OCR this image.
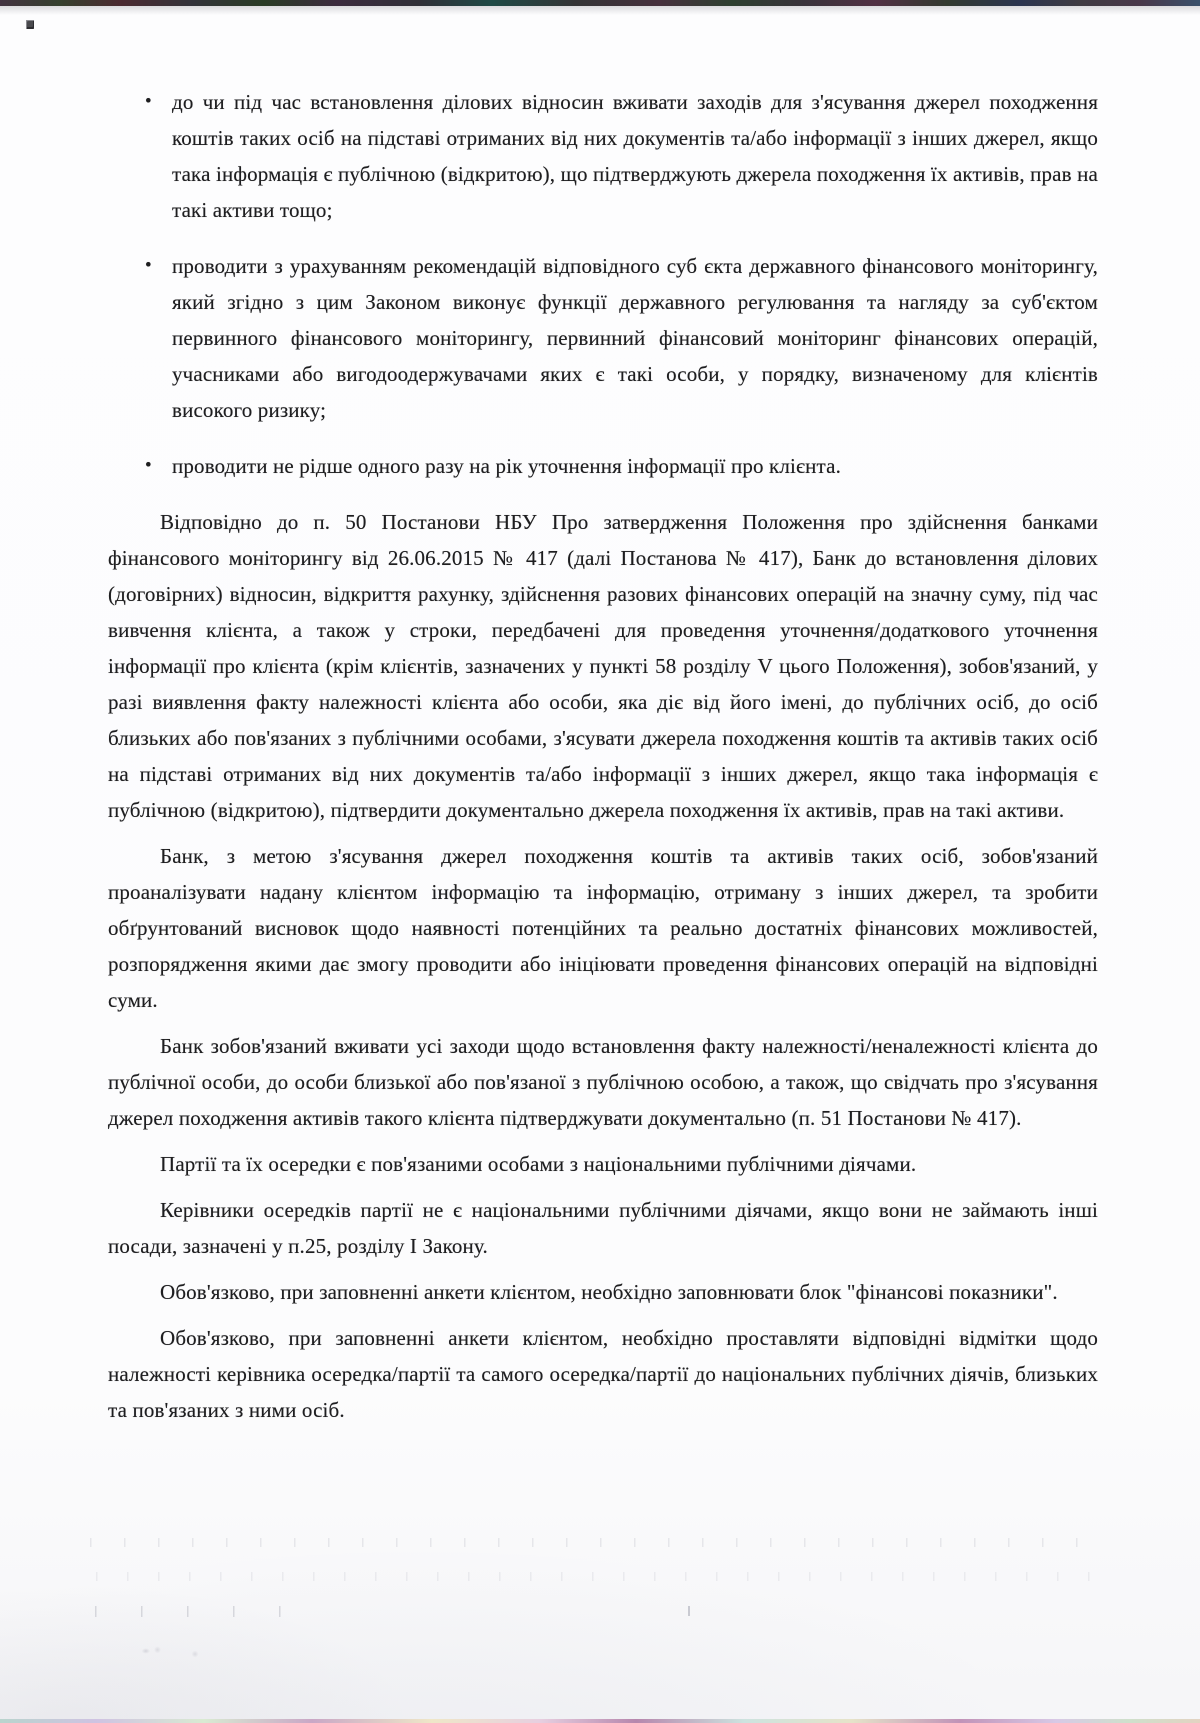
• до чи під час встановлення ділових відносин вживати заходів для з'ясування джерел походження коштів таких осіб на підставі отриманих від них документів та/або інформації з інших джерел, якщо така інформація є публічною (відкритою), що підтверджують джерела походження їх активів, прав на такі активи тощо;
• проводити з урахуванням рекомендацій відповідного суб єкта державного фінансового моніторингу, який згідно з цим Законом виконує функції державного регулювання та нагляду за суб'єктом первинного фінансового моніторингу, первинний фінансовий моніторинг фінансових операцій, учасниками або вигодоодержувачами яких є такі особи, у порядку, визначеному для клієнтів високого ризику;
• проводити не рідше одного разу на рік уточнення інформації про клієнта.

Відповідно до п. 50 Постанови НБУ Про затвердження Положення про здійснення банками фінансового моніторингу від 26.06.2015 № 417 (далі Постанова № 417), Банк до встановлення ділових (договірних) відносин, відкриття рахунку, здійснення разових фінансових операцій на значну суму, під час вивчення клієнта, а також у строки, передбачені для проведення уточнення/додаткового уточнення інформації про клієнта (крім клієнтів, зазначених у пункті 58 розділу V цього Положення), зобов'язаний, у разі виявлення факту належності клієнта або особи, яка діє від його імені, до публічних осіб, до осіб близьких або пов'язаних з публічними особами, з'ясувати джерела походження коштів та активів таких осіб на підставі отриманих від них документів та/або інформації з інших джерел, якщо така інформація є публічною (відкритою), підтвердити документально джерела походження їх активів, прав на такі активи.

Банк, з метою з'ясування джерел походження коштів та активів таких осіб, зобов'язаний проаналізувати надану клієнтом інформацію та інформацію, отриману з інших джерел, та зробити обґрунтований висновок щодо наявності потенційних та реально достатніх фінансових можливостей, розпорядження якими дає змогу проводити або ініціювати проведення фінансових операцій на відповідні суми.

Банк зобов'язаний вживати усі заходи щодо встановлення факту належності/неналежності клієнта до публічної особи, до особи близької або пов'язаної з публічною особою, а також, що свідчать про з'ясування джерел походження активів такого клієнта підтверджувати документально (п. 51 Постанови № 417).

Партії та їх осередки є пов'язаними особами з національними публічними діячами.

Керівники осередків партії не є національними публічними діячами, якщо вони не займають інші посади, зазначені у п.25, розділу І Закону.

Обов'язково, при заповненні анкети клієнтом, необхідно заповнювати блок "фінансові показники".

Обов'язково, при заповненні анкети клієнтом, необхідно проставляти відповідні відмітки щодо належності керівника осередка/партії та самого осередка/партії до національних публічних діячів, близьких та пов'язаних з ними осіб.
